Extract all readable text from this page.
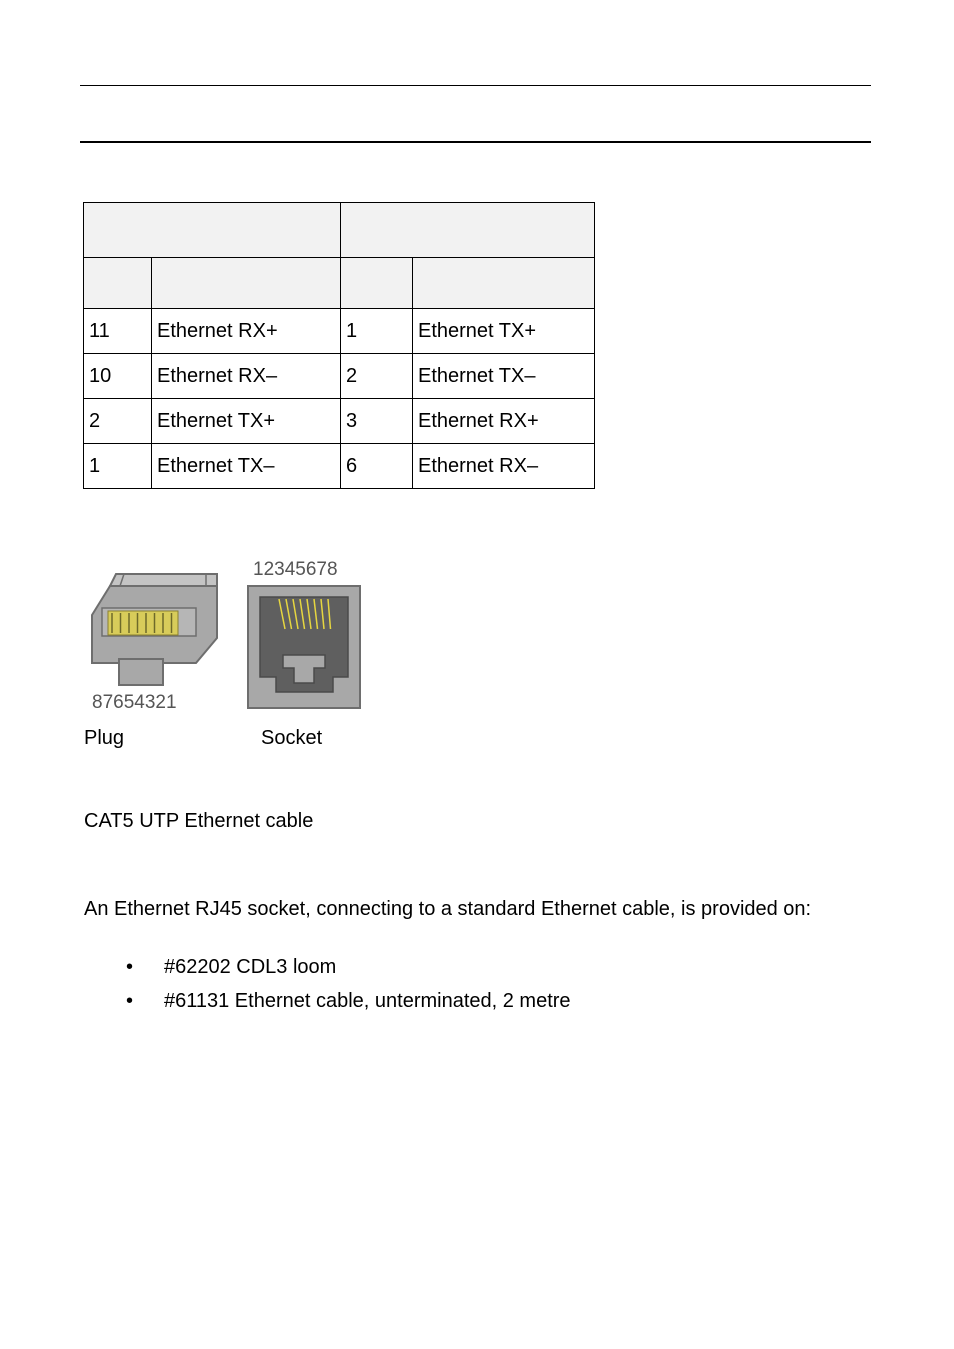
11	Ethernet RX+	1	Ethernet TX+
10	Ethernet RX–	2	Ethernet TX–
2	Ethernet TX+	3	Ethernet RX+
1	Ethernet TX–	6	Ethernet RX–
87654321
12345678
Plug	Socket
CAT5 UTP Ethernet cable

An Ethernet RJ45 socket, connecting to a standard Ethernet cable, is provided on:

• #62202 CDL3 loom
• #61131 Ethernet cable, unterminated, 2 metre
